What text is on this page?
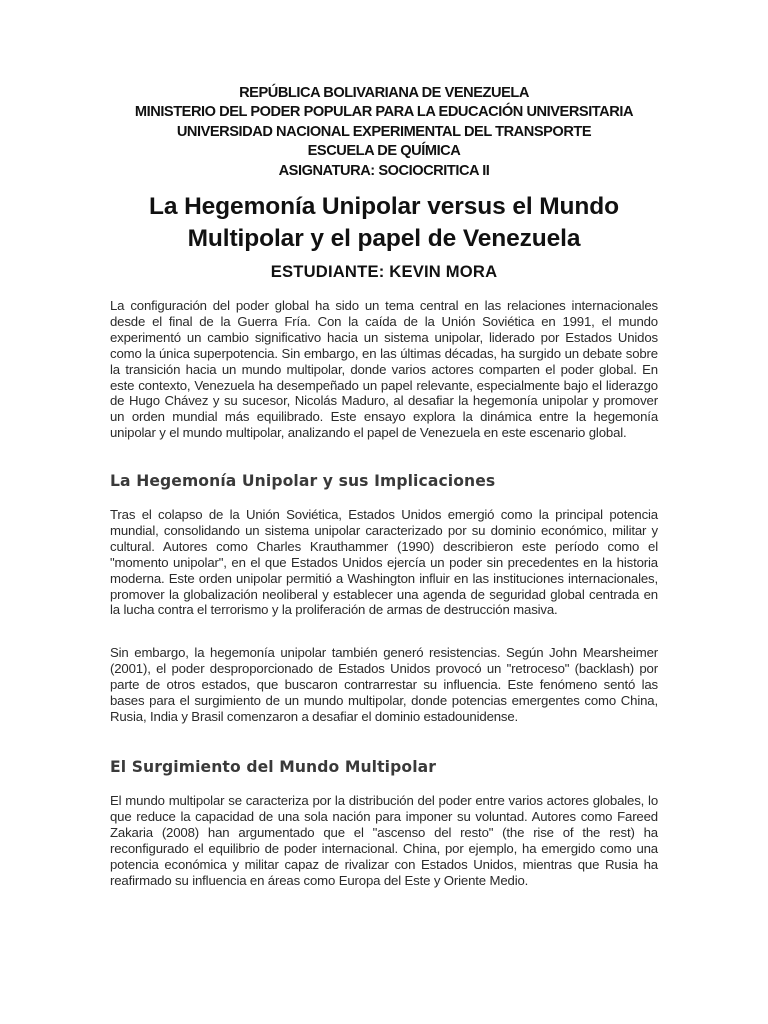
REPÚBLICA BOLIVARIANA DE VENEZUELA
MINISTERIO DEL PODER POPULAR PARA LA EDUCACIÓN UNIVERSITARIA
UNIVERSIDAD NACIONAL EXPERIMENTAL DEL TRANSPORTE
ESCUELA DE QUÍMICA
ASIGNATURA: SOCIOCRITICA II
La Hegemonía Unipolar versus el Mundo
Multipolar y el papel de Venezuela
ESTUDIANTE: KEVIN MORA

La configuración del poder global ha sido un tema central en las relaciones internacionales desde el final de la Guerra Fría. Con la caída de la Unión Soviética en 1991, el mundo experimentó un cambio significativo hacia un sistema unipolar, liderado por Estados Unidos como la única superpotencia. Sin embargo, en las últimas décadas, ha surgido un debate sobre la transición hacia un mundo multipolar, donde varios actores comparten el poder global. En este contexto, Venezuela ha desempeñado un papel relevante, especialmente bajo el liderazgo de Hugo Chávez y su sucesor, Nicolás Maduro, al desafiar la hegemonía unipolar y promover un orden mundial más equilibrado. Este ensayo explora la dinámica entre la hegemonía unipolar y el mundo multipolar, analizando el papel de Venezuela en este escenario global.

La Hegemonía Unipolar y sus Implicaciones

Tras el colapso de la Unión Soviética, Estados Unidos emergió como la principal potencia mundial, consolidando un sistema unipolar caracterizado por su dominio económico, militar y cultural. Autores como Charles Krauthammer (1990) describieron este período como el "momento unipolar", en el que Estados Unidos ejercía un poder sin precedentes en la historia moderna. Este orden unipolar permitió a Washington influir en las instituciones internacionales, promover la globalización neoliberal y establecer una agenda de seguridad global centrada en la lucha contra el terrorismo y la proliferación de armas de destrucción masiva.

Sin embargo, la hegemonía unipolar también generó resistencias. Según John Mearsheimer (2001), el poder desproporcionado de Estados Unidos provocó un "retroceso" (backlash) por parte de otros estados, que buscaron contrarrestar su influencia. Este fenómeno sentó las bases para el surgimiento de un mundo multipolar, donde potencias emergentes como China, Rusia, India y Brasil comenzaron a desafiar el dominio estadounidense.

El Surgimiento del Mundo Multipolar

El mundo multipolar se caracteriza por la distribución del poder entre varios actores globales, lo que reduce la capacidad de una sola nación para imponer su voluntad. Autores como Fareed Zakaria (2008) han argumentado que el "ascenso del resto" (the rise of the rest) ha reconfigurado el equilibrio de poder internacional. China, por ejemplo, ha emergido como una potencia económica y militar capaz de rivalizar con Estados Unidos, mientras que Rusia ha reafirmado su influencia en áreas como Europa del Este y Oriente Medio.
